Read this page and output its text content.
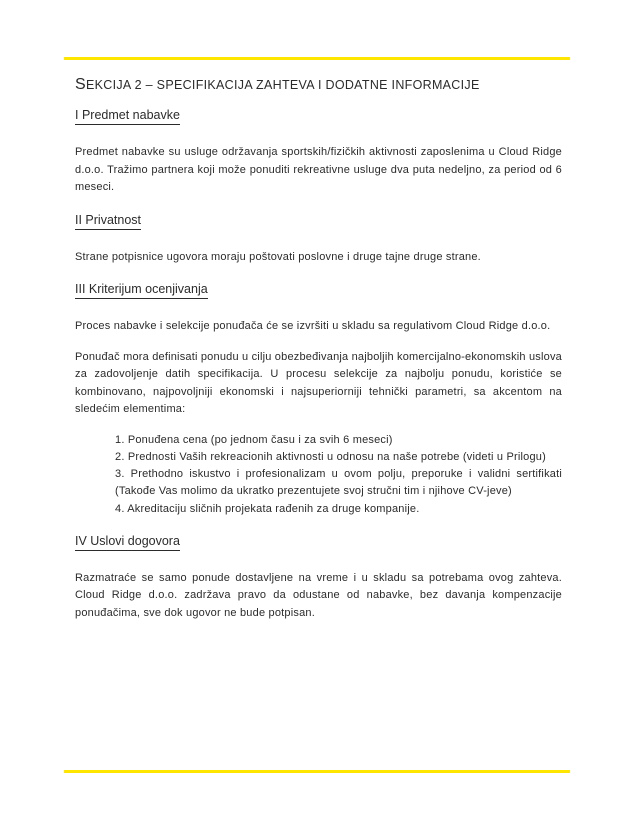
SEKCIJA 2 – SPECIFIKACIJA ZAHTEVA I DODATNE INFORMACIJE
I Predmet nabavke

Predmet nabavke su usluge održavanja sportskih/fizičkih aktivnosti zaposlenima u Cloud Ridge d.o.o. Tražimo partnera koji može ponuditi rekreativne usluge dva puta nedeljno, za period od 6 meseci.

II Privatnost

Strane potpisnice ugovora moraju poštovati poslovne i druge tajne druge strane.

III Kriterijum ocenjivanja

Proces nabavke i selekcije ponuđača će se izvršiti u skladu sa regulativom Cloud Ridge d.o.o.

Ponuđač mora definisati ponudu u cilju obezbeđivanja najboljih komercijalno-ekonomskih uslova za zadovoljenje datih specifikacija. U procesu selekcije za najbolju ponudu, koristiće se kombinovano, najpovoljniji ekonomski i najsuperiorniji tehnički parametri, sa akcentom na sledećim elementima:

1. Ponuđena cena (po jednom času i za svih 6 meseci)
2. Prednosti Vaših rekreacionih aktivnosti u odnosu na naše potrebe (videti u Prilogu)
3. Prethodno iskustvo i profesionalizam u ovom polju, preporuke i validni sertifikati (Takođe Vas molimo da ukratko prezentujete svoj stručni tim i njihove CV-jeve)
4. Akreditaciju sličnih projekata rađenih za druge kompanije.
IV Uslovi dogovora

Razmatraće se samo ponude dostavljene na vreme i u skladu sa potrebama ovog zahteva. Cloud Ridge d.o.o. zadržava pravo da odustane od nabavke, bez davanja kompenzacije ponuđačima, sve dok ugovor ne bude potpisan.
